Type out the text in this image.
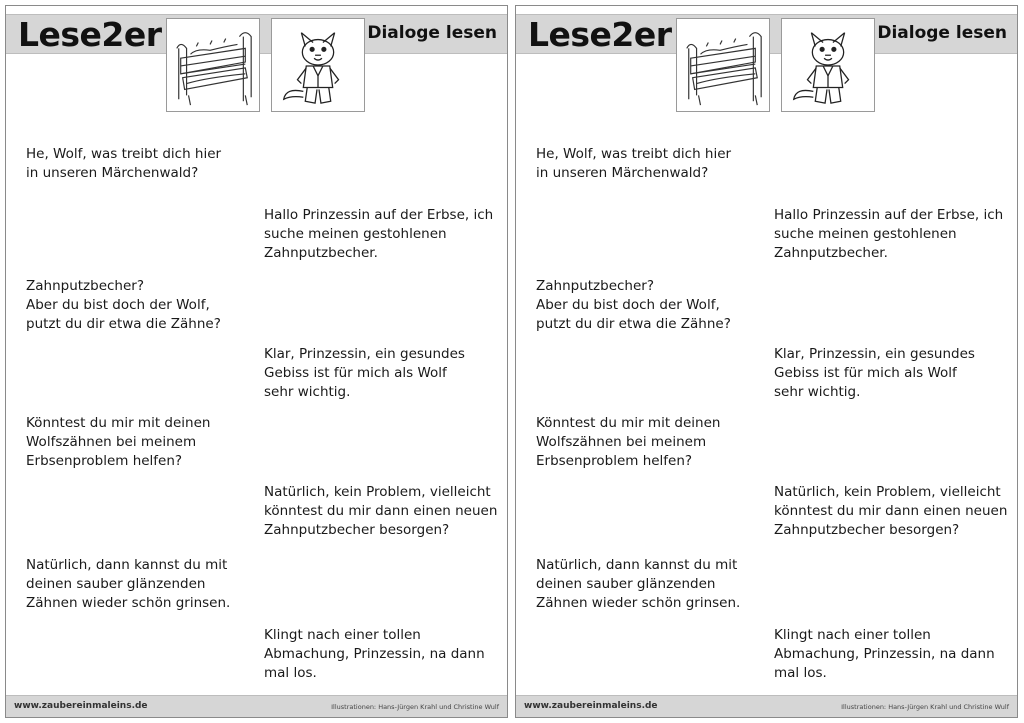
Lese2er	Dialoge lesen
He, Wolf, was treibt dich hier
in unseren Märchenwald?
Hallo Prinzessin auf der Erbse, ich
suche meinen gestohlenen
Zahnputzbecher.
Zahnputzbecher?
Aber du bist doch der Wolf,
putzt du dir etwa die Zähne?
Klar, Prinzessin, ein gesundes
Gebiss ist für mich als Wolf
sehr wichtig.
Könntest du mir mit deinen
Wolfszähnen bei meinem
Erbsenproblem helfen?
Natürlich, kein Problem, vielleicht
könntest du mir dann einen neuen
Zahnputzbecher besorgen?
Natürlich, dann kannst du mit
deinen sauber glänzenden
Zähnen wieder schön grinsen.
Klingt nach einer tollen
Abmachung, Prinzessin, na dann
mal los.
www.zaubereinmaleins.de	Illustrationen: Hans-Jürgen Krahl und Christine Wulf
Lese2er	Dialoge lesen
He, Wolf, was treibt dich hier
in unseren Märchenwald?
Hallo Prinzessin auf der Erbse, ich
suche meinen gestohlenen
Zahnputzbecher.
Zahnputzbecher?
Aber du bist doch der Wolf,
putzt du dir etwa die Zähne?
Klar, Prinzessin, ein gesundes
Gebiss ist für mich als Wolf
sehr wichtig.
Könntest du mir mit deinen
Wolfszähnen bei meinem
Erbsenproblem helfen?
Natürlich, kein Problem, vielleicht
könntest du mir dann einen neuen
Zahnputzbecher besorgen?
Natürlich, dann kannst du mit
deinen sauber glänzenden
Zähnen wieder schön grinsen.
Klingt nach einer tollen
Abmachung, Prinzessin, na dann
mal los.
www.zaubereinmaleins.de	Illustrationen: Hans-Jürgen Krahl und Christine Wulf
